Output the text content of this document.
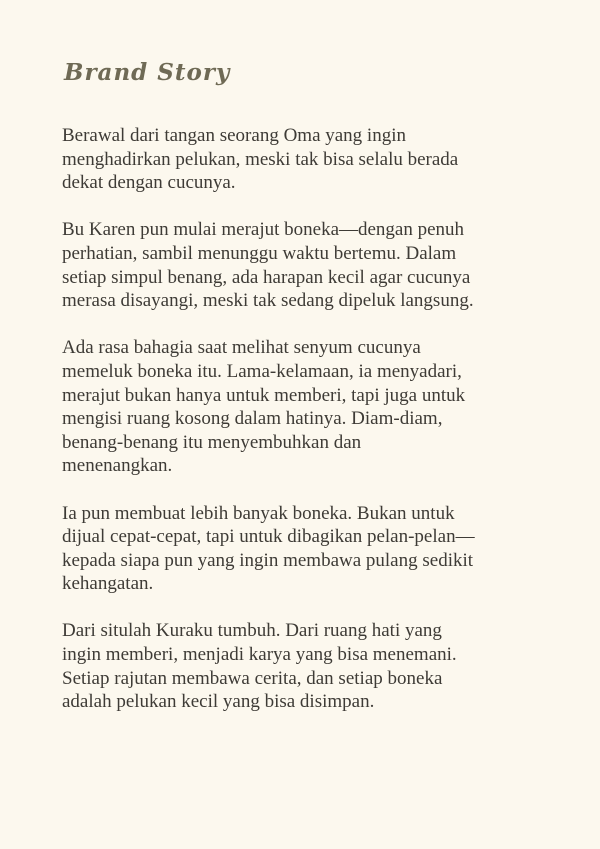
Brand Story

Berawal dari tangan seorang Oma yang ingin
menghadirkan pelukan, meski tak bisa selalu berada
dekat dengan cucunya.

Bu Karen pun mulai merajut boneka—dengan penuh
perhatian, sambil menunggu waktu bertemu. Dalam
setiap simpul benang, ada harapan kecil agar cucunya
merasa disayangi, meski tak sedang dipeluk langsung.

Ada rasa bahagia saat melihat senyum cucunya
memeluk boneka itu. Lama-kelamaan, ia menyadari,
merajut bukan hanya untuk memberi, tapi juga untuk
mengisi ruang kosong dalam hatinya. Diam-diam,
benang-benang itu menyembuhkan dan
menenangkan.

Ia pun membuat lebih banyak boneka. Bukan untuk
dijual cepat-cepat, tapi untuk dibagikan pelan-pelan—
kepada siapa pun yang ingin membawa pulang sedikit
kehangatan.

Dari situlah Kuraku tumbuh. Dari ruang hati yang
ingin memberi, menjadi karya yang bisa menemani.
Setiap rajutan membawa cerita, dan setiap boneka
adalah pelukan kecil yang bisa disimpan.
